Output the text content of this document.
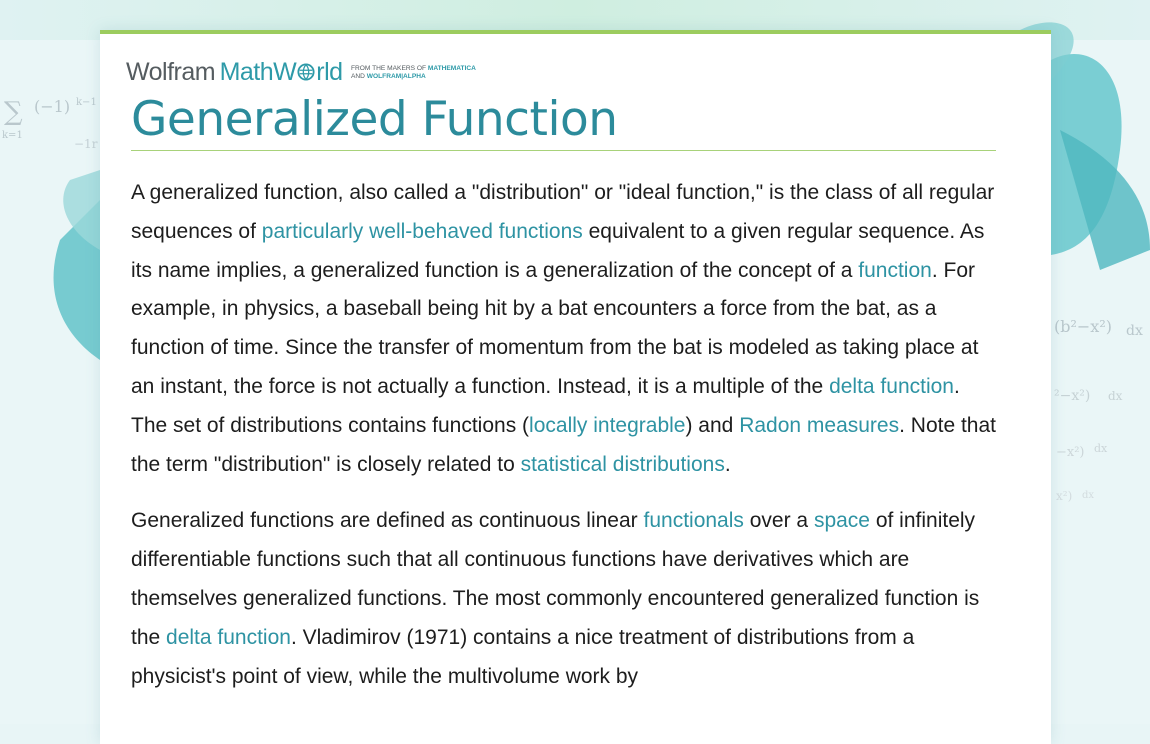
∑ (−1) k−1
k=1
−1r
(b²−x²) dx
²−x²) dx
−x²) dx
x²) dx
Wolfram MathW rld FROM THE MAKERS OF MATHEMATICA
AND WOLFRAM|ALPHA
Generalized Function

A generalized function, also called a "distribution" or "ideal function," is the class of all regular sequences of particularly well-behaved functions equivalent to a given regular sequence. As its name implies, a generalized function is a generalization of the concept of a function. For example, in physics, a baseball being hit by a bat encounters a force from the bat, as a function of time. Since the transfer of momentum from the bat is modeled as taking place at an instant, the force is not actually a function. Instead, it is a multiple of the delta function. The set of distributions contains functions (locally integrable) and Radon measures. Note that the term "distribution" is closely related to statistical distributions.

Generalized functions are defined as continuous linear functionals over a space of infinitely differentiable functions such that all continuous functions have derivatives which are themselves generalized functions. The most commonly encountered generalized function is the delta function. Vladimirov (1971) contains a nice treatment of distributions from a physicist's point of view, while the multivolume work by
